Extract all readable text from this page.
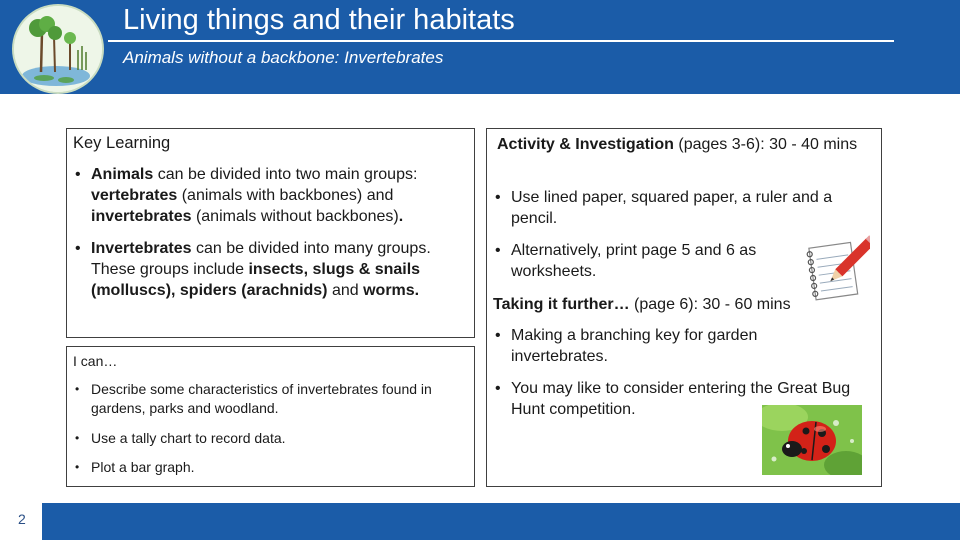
Living things and their habitats
Animals without a backbone: Invertebrates
Key Learning
• Animals can be divided into two main groups: vertebrates (animals with backbones) and invertebrates (animals without backbones).
• Invertebrates can be divided into many groups. These groups include insects, slugs & snails (molluscs), spiders (arachnids) and worms.
I can…
• Describe some characteristics of invertebrates found in gardens, parks and woodland.
• Use a tally chart to record data.
• Plot a bar graph.
Activity & Investigation (pages 3-6): 30 - 40 mins
• Use lined paper, squared paper, a ruler and a pencil.
• Alternatively, print page 5 and 6 as worksheets.
Taking it further… (page 6): 30 - 60 mins
• Making a branching key for garden invertebrates.
• You may like to consider entering the Great Bug Hunt competition.
2
